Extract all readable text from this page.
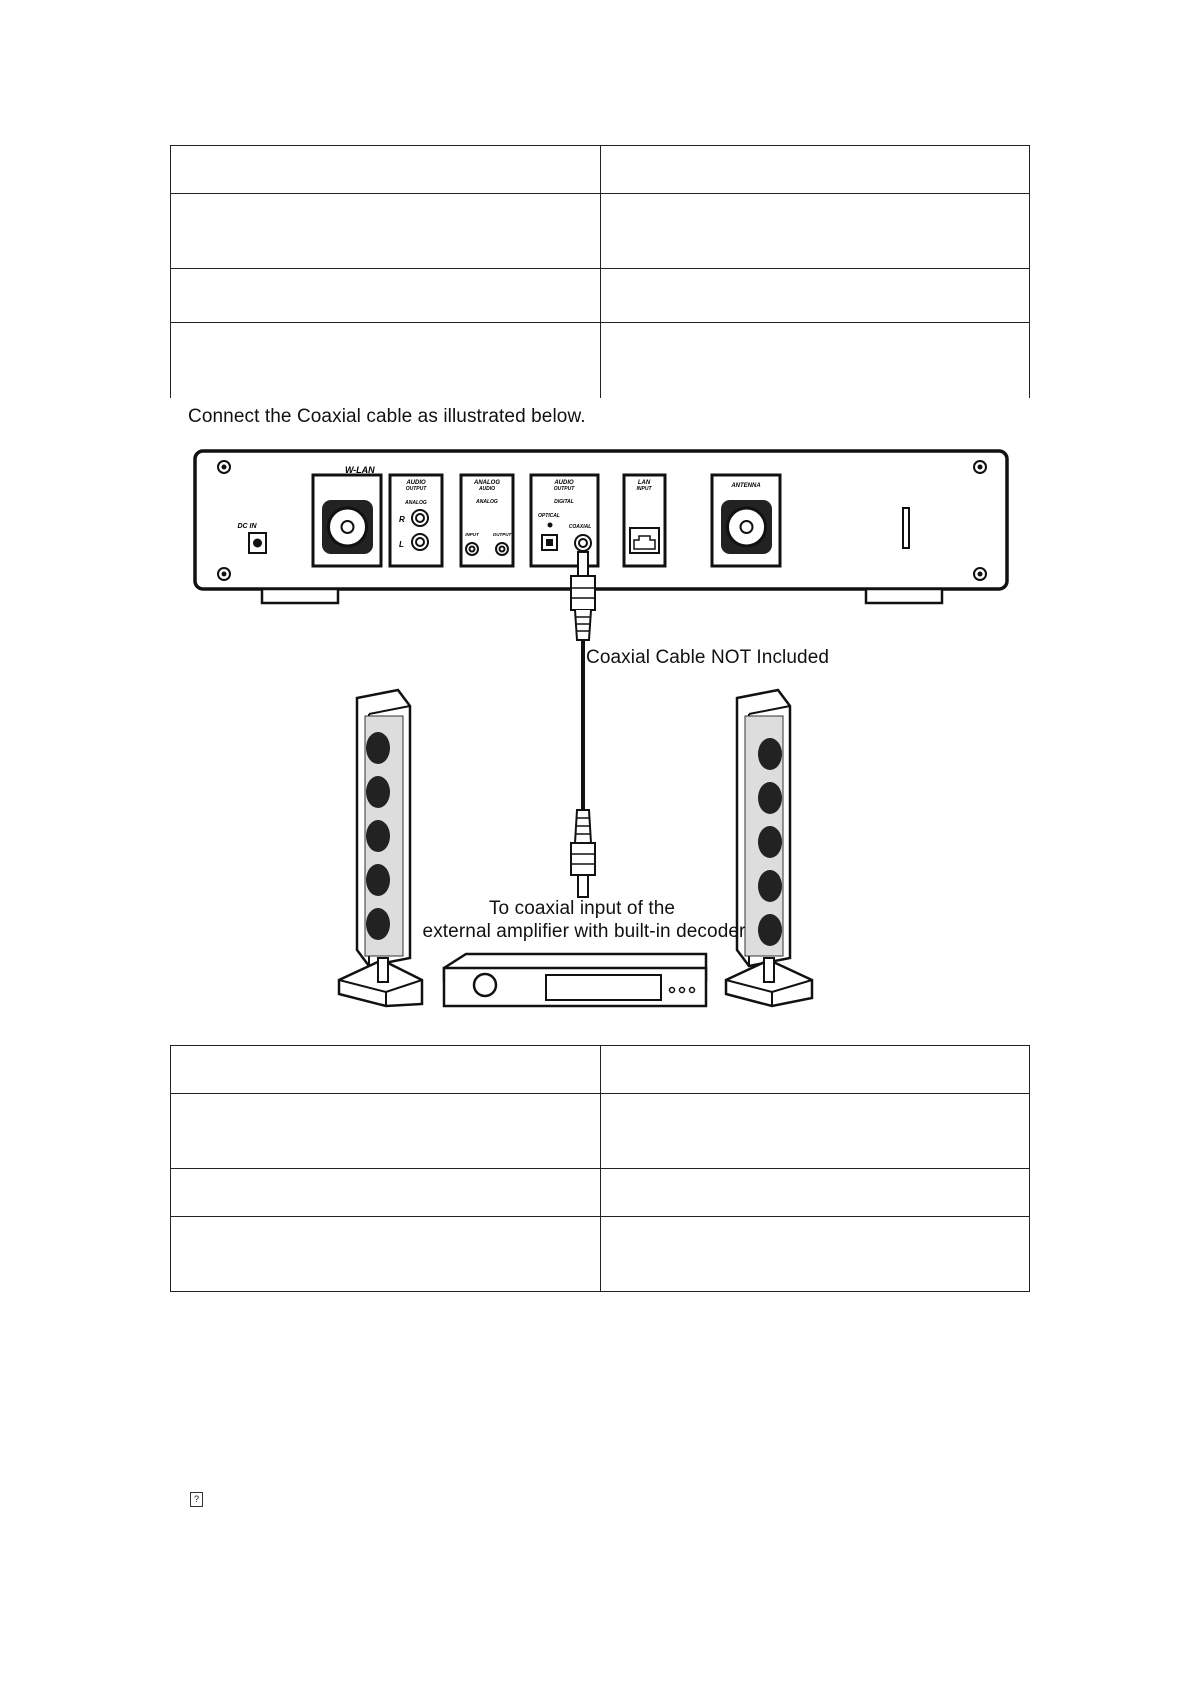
Connect the Coaxial cable as illustrated below.
DC IN
W-LAN
AUDIO
OUTPUT
ANALOG
R
L
ANALOG
AUDIO
ANALOG
INPUT	OUTPUT
AUDIO
OUTPUT
DIGITAL
OPTICAL
COAXIAL
LAN
INPUT	ANTENNA
Coaxial Cable NOT Included
To coaxial input of the
external amplifier with built-in decoder

?
